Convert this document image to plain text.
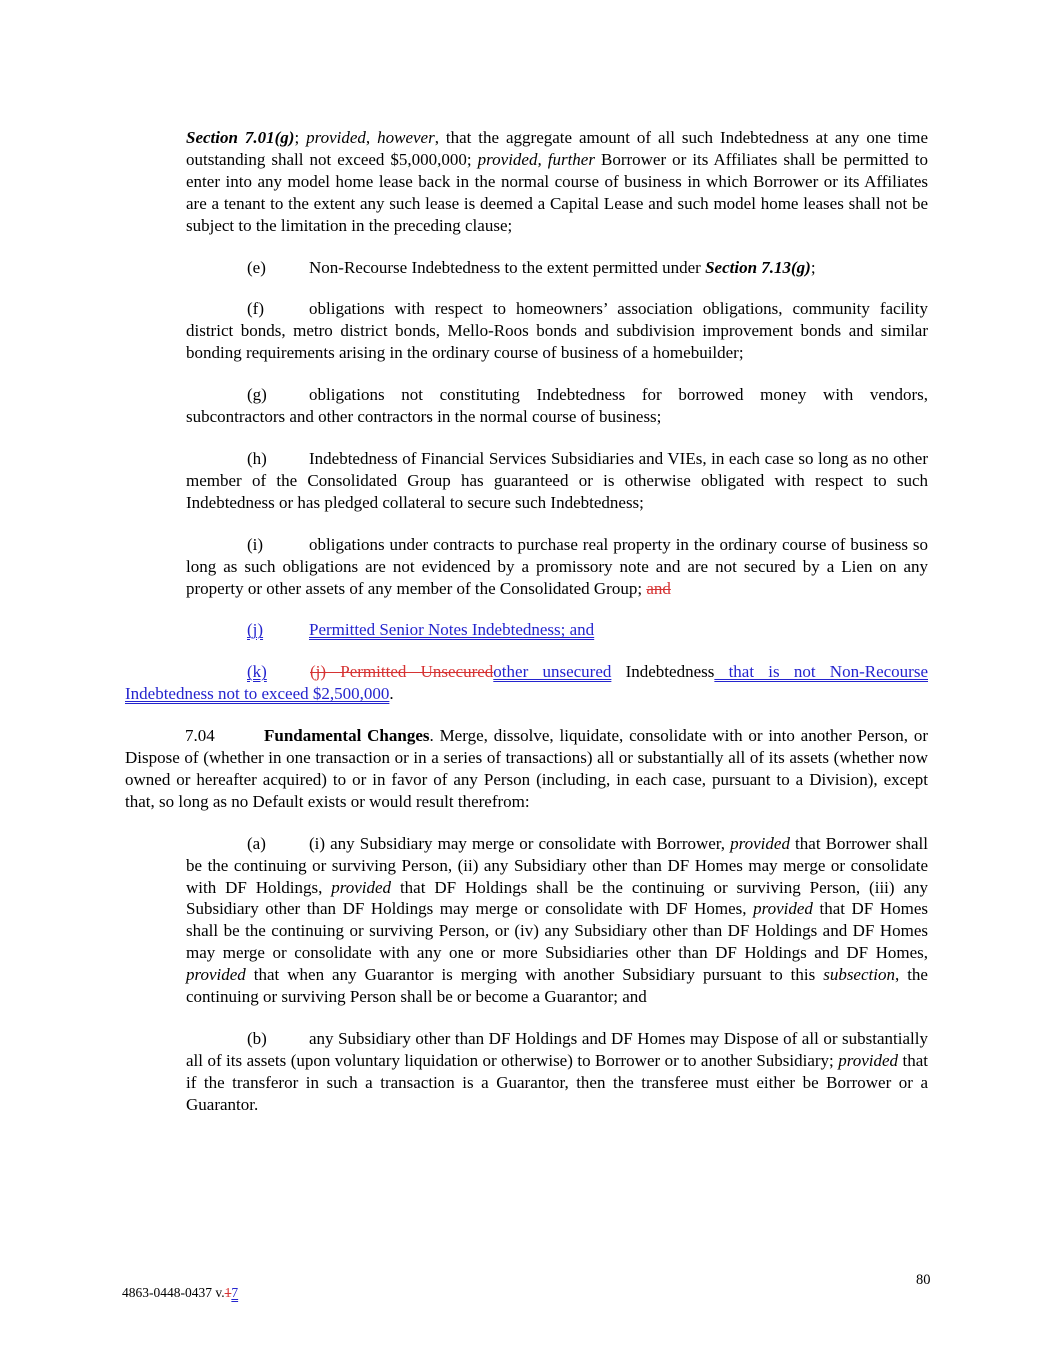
Section 7.01(g); provided, however, that the aggregate amount of all such Indebtedness at any one time outstanding shall not exceed $5,000,000; provided, further Borrower or its Affiliates shall be permitted to enter into any model home lease back in the normal course of business in which Borrower or its Affiliates are a tenant to the extent any such lease is deemed a Capital Lease and such model home leases shall not be subject to the limitation in the preceding clause;
(e)	Non-Recourse Indebtedness to the extent permitted under Section 7.13(g);
(f)	obligations with respect to homeowners’ association obligations, community facility district bonds, metro district bonds, Mello-Roos bonds and subdivision improvement bonds and similar bonding requirements arising in the ordinary course of business of a homebuilder;
(g) obligations not constituting Indebtedness for borrowed money with vendors, subcontractors and other contractors in the normal course of business;
(h) Indebtedness of Financial Services Subsidiaries and VIEs, in each case so long as no other member of the Consolidated Group has guaranteed or is otherwise obligated with respect to such Indebtedness or has pledged collateral to secure such Indebtedness;
(i)	obligations under contracts to purchase real property in the ordinary course of business so long as such obligations are not evidenced by a promissory note and are not secured by a Lien on any property or other assets of any member of the Consolidated Group; and
(j)	Permitted Senior Notes Indebtedness; and
(k)	(j) Permitted Unsecuredother unsecured Indebtedness that is not Non-Recourse Indebtedness not to exceed $2,500,000.
7.04	Fundamental Changes. Merge, dissolve, liquidate, consolidate with or into another Person, or Dispose of (whether in one transaction or in a series of transactions) all or substantially all of its assets (whether now owned or hereafter acquired) to or in favor of any Person (including, in each case, pursuant to a Division), except that, so long as no Default exists or would result therefrom:
(a)	(i) any Subsidiary may merge or consolidate with Borrower, provided that Borrower shall be the continuing or surviving Person, (ii) any Subsidiary other than DF Homes may merge or consolidate with DF Holdings, provided that DF Holdings shall be the continuing or surviving Person, (iii) any Subsidiary other than DF Holdings may merge or consolidate with DF Homes, provided that DF Homes shall be the continuing or surviving Person, or (iv) any Subsidiary other than DF Holdings and DF Homes may merge or consolidate with any one or more Subsidiaries other than DF Holdings and DF Homes, provided that when any Guarantor is merging with another Subsidiary pursuant to this subsection, the continuing or surviving Person shall be or become a Guarantor; and
(b) any Subsidiary other than DF Holdings and DF Homes may Dispose of all or substantially all of its assets (upon voluntary liquidation or otherwise) to Borrower or to another Subsidiary; provided that if the transferor in such a transaction is a Guarantor, then the transferee must either be Borrower or a Guarantor.
4863-0448-0437 v.17
80
